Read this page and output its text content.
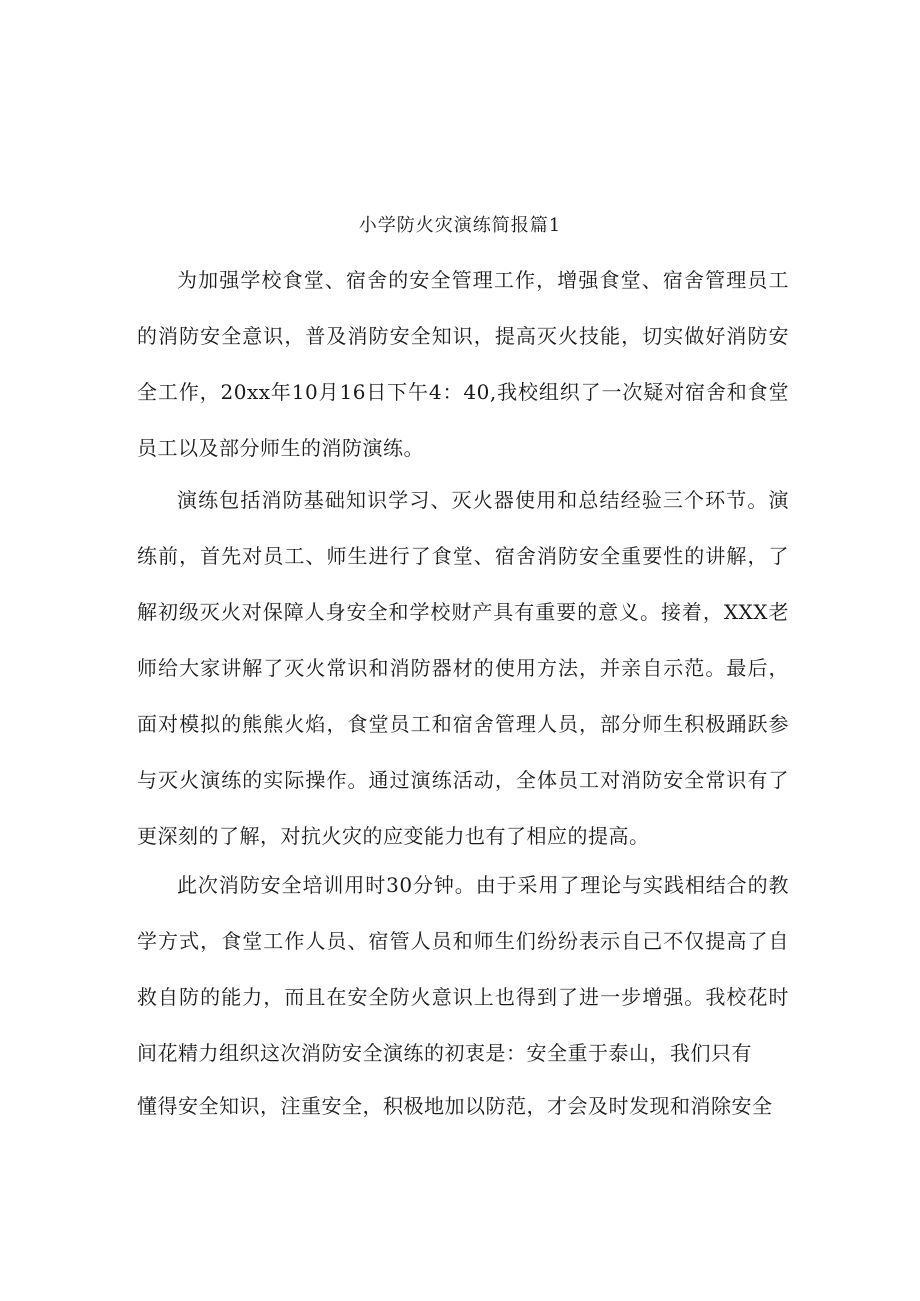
小学防火灾演练简报篇1

为加强学校食堂、宿舍的安全管理工作，增强食堂、宿舍管理员工的消防安全意识，普及消防安全知识，提高灭火技能，切实做好消防安全工作，20xx年10月16日下午4：40,我校组织了一次疑对宿舍和食堂员工以及部分师生的消防演练。

演练包括消防基础知识学习、灭火器使用和总结经验三个环节。演练前，首先对员工、师生进行了食堂、宿舍消防安全重要性的讲解，了解初级灭火对保障人身安全和学校财产具有重要的意义。接着，XXX老师给大家讲解了灭火常识和消防器材的使用方法，并亲自示范。最后，面对模拟的熊熊火焰，食堂员工和宿舍管理人员，部分师生积极踊跃参与灭火演练的实际操作。通过演练活动，全体员工对消防安全常识有了更深刻的了解，对抗火灾的应变能力也有了相应的提高。

此次消防安全培训用时30分钟。由于采用了理论与实践相结合的教学方式，食堂工作人员、宿管人员和师生们纷纷表示自己不仅提高了自救自防的能力，而且在安全防火意识上也得到了进一步增强。我校花时间花精力组织这次消防安全演练的初衷是：安全重于泰山，我们只有

懂得安全知识，注重安全，积极地加以防范，才会及时发现和消除安全
